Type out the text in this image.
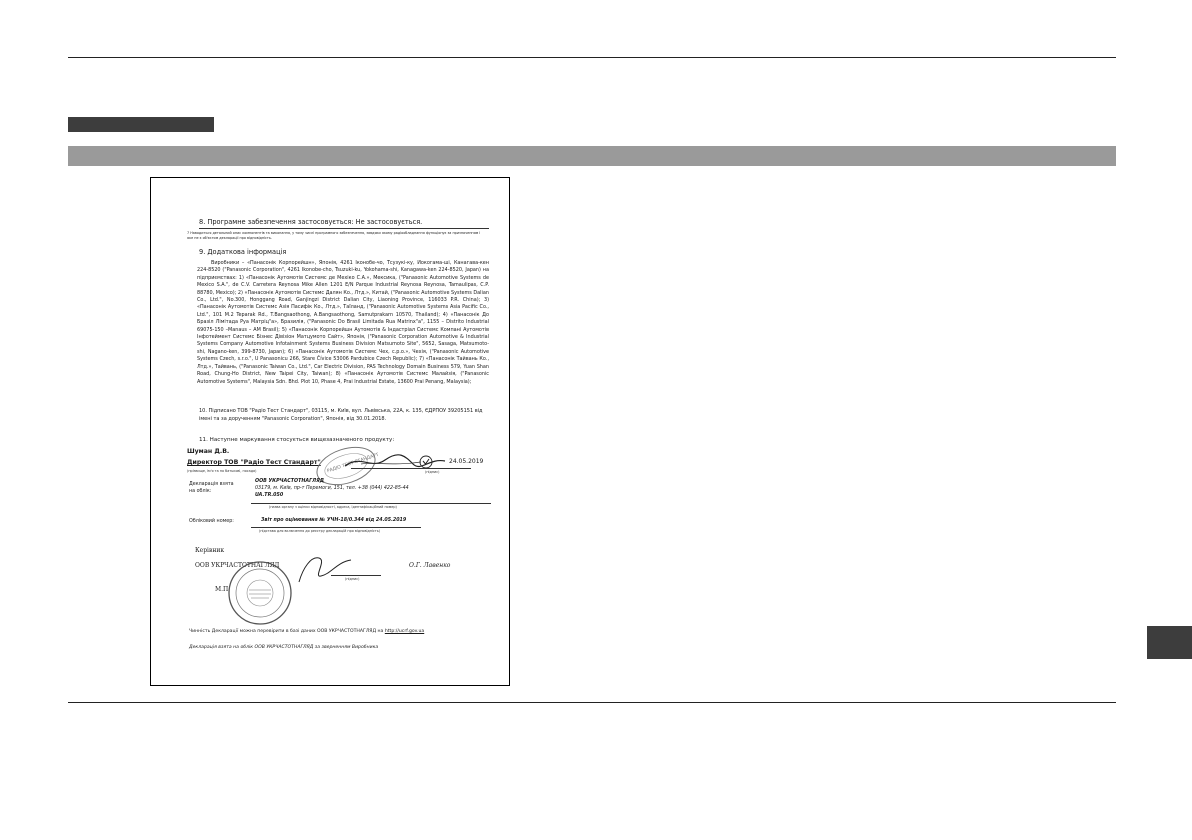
8. Програмне забезпечення застосовується: Не застосовується.
7 Наводиться детальний опис компонентів та виконання, у тому числі програмного забезпечення, завдяки якому радіообладнання функціонує за призначенням і яке не є об'єктом декларації про відповідність.
9. Додаткова інформація
Виробники – «Панасонік Корпорейшн», Японія, 4261 Іконобе-чо, Тсузукі-ку, Йокогама-ші, Канагава-кен 224-8520 ("Panasonic Corporation", 4261 Ikonobe-cho, Tsuzuki-ku, Yokohama-shi, Kanagawa-ken 224-8520, Japan) на підприємствах: 1) «Панасонік Аутомотів Системс де Мехіко С.А.», Мексика, ("Panasonic Automotive Systems de Mexico S.A.", de C.V. Carretera Reynosa Mike Allen 1201 E/N Parque Industrial Reynosa Reynosa, Tamaulipas, C.P. 88780, Mexico); 2) «Панасонік Аутомотів Системс Далян Ко., Лтд.», Китай, ("Panasonic Automotive Systems Dalian Co., Ltd.", No.300, Honggang Road, Ganjingzi District Dalian City, Liaoning Province, 116033 P.R. China); 3) «Панасонік Аутомотів Системс Азія Пасифік Ко., Лтд.», Таїланд, ("Panasonic Automotive Systems Asia Pacific Co., Ltd.", 101 M.2 Teparak Rd., T.Bangsaothong, A.Bangsaothong, Samutprakarn 10570, Thailand); 4) «Панасонік До Бразіл Лімітада Руа Матріц"а», Бразилія, ("Panasonic Do Brasil Limitada Rua Matrinx"a", 1155 – Distrito Industrial 69075-150 –Manaus – AM Brasil); 5) «Панасонік Корпорейшн Аутомотів & Індастріал Системс Компані Аутомотів Інфотеймент Системс Бізнес Дівізіон Матцумото Сайт», Японія, ("Panasonic Corporation Automotive & Industrial Systems Company Automotive Infotainment Systems Business Division Matsumoto Site", 5652, Sasaga, Matsumoto-shi, Nagano-ken, 399-8730, Japan); 6) «Панасонік Аутомотів Системс Чех, с.р.о.», Чехія, ("Panasonic Automotive Systems Czech, s.r.o.", U Panasonicu 266, Stare Čívice 53006 Pardubice Czech Republic); 7) «Панасонік Тайвань Ко., Лтд.», Тайвань, ("Panasonic Taiwan Co., Ltd.", Car Electric Division, PAS Technology Domain Business 579, Yuan Shan Road, Chung-Ho District, New Taipei City, Taiwan); 8) «Панасонік Аутомотів Системс Малайзія, ("Panasonic Automotive Systems", Malaysia Sdn. Bhd. Plot 10, Phase 4, Prai Industrial Estate, 13600 Prai Penang, Malaysia);
10. Підписано ТОВ "Радіо Тест Стандарт", 03115, м. Київ, вул. Львівська, 22А, к. 135, ЄДРПОУ 39205151 від імені та за дорученням "Panasonic Corporation", Японія, від 30.01.2018.
11. Наступне маркування стосується вищезазначеного продукту:
Шуман Д.В.
Директор ТОВ "Радіо Тест Стандарт"
(прізвище, ім'я та по батькові, посада)	РАДІО ТЕСТ СТАНДАРТ	(підпис)
24.05.2019
Декларація взята на облік:
ООВ УКРЧАСТОТНАГЛЯД
03179, м. Київ, пр-т Перемоги, 151, тел. +38 (044) 422-85-44
UA.TR.050
(назва органу з оцінки відповідності, адреса, ідентифікаційний номер)
Обліковий номер:	Звіт про оцінювання № УЧН-18/0.344 від 24.05.2019
(підстава для включення до реєстру декларацій про відповідність)
Керівник
ООВ УКРЧАСТОТНАГЛЯД	О.Г. Лавенко
М.П.
(підпис)
Чинність Декларації можна перевірити в базі даних ООВ УКРЧАСТОТНАГЛЯД на http://ucrf.gov.ua
Декларація взята на облік ООВ УКРЧАСТОТНАГЛЯД за зверненням Виробника
